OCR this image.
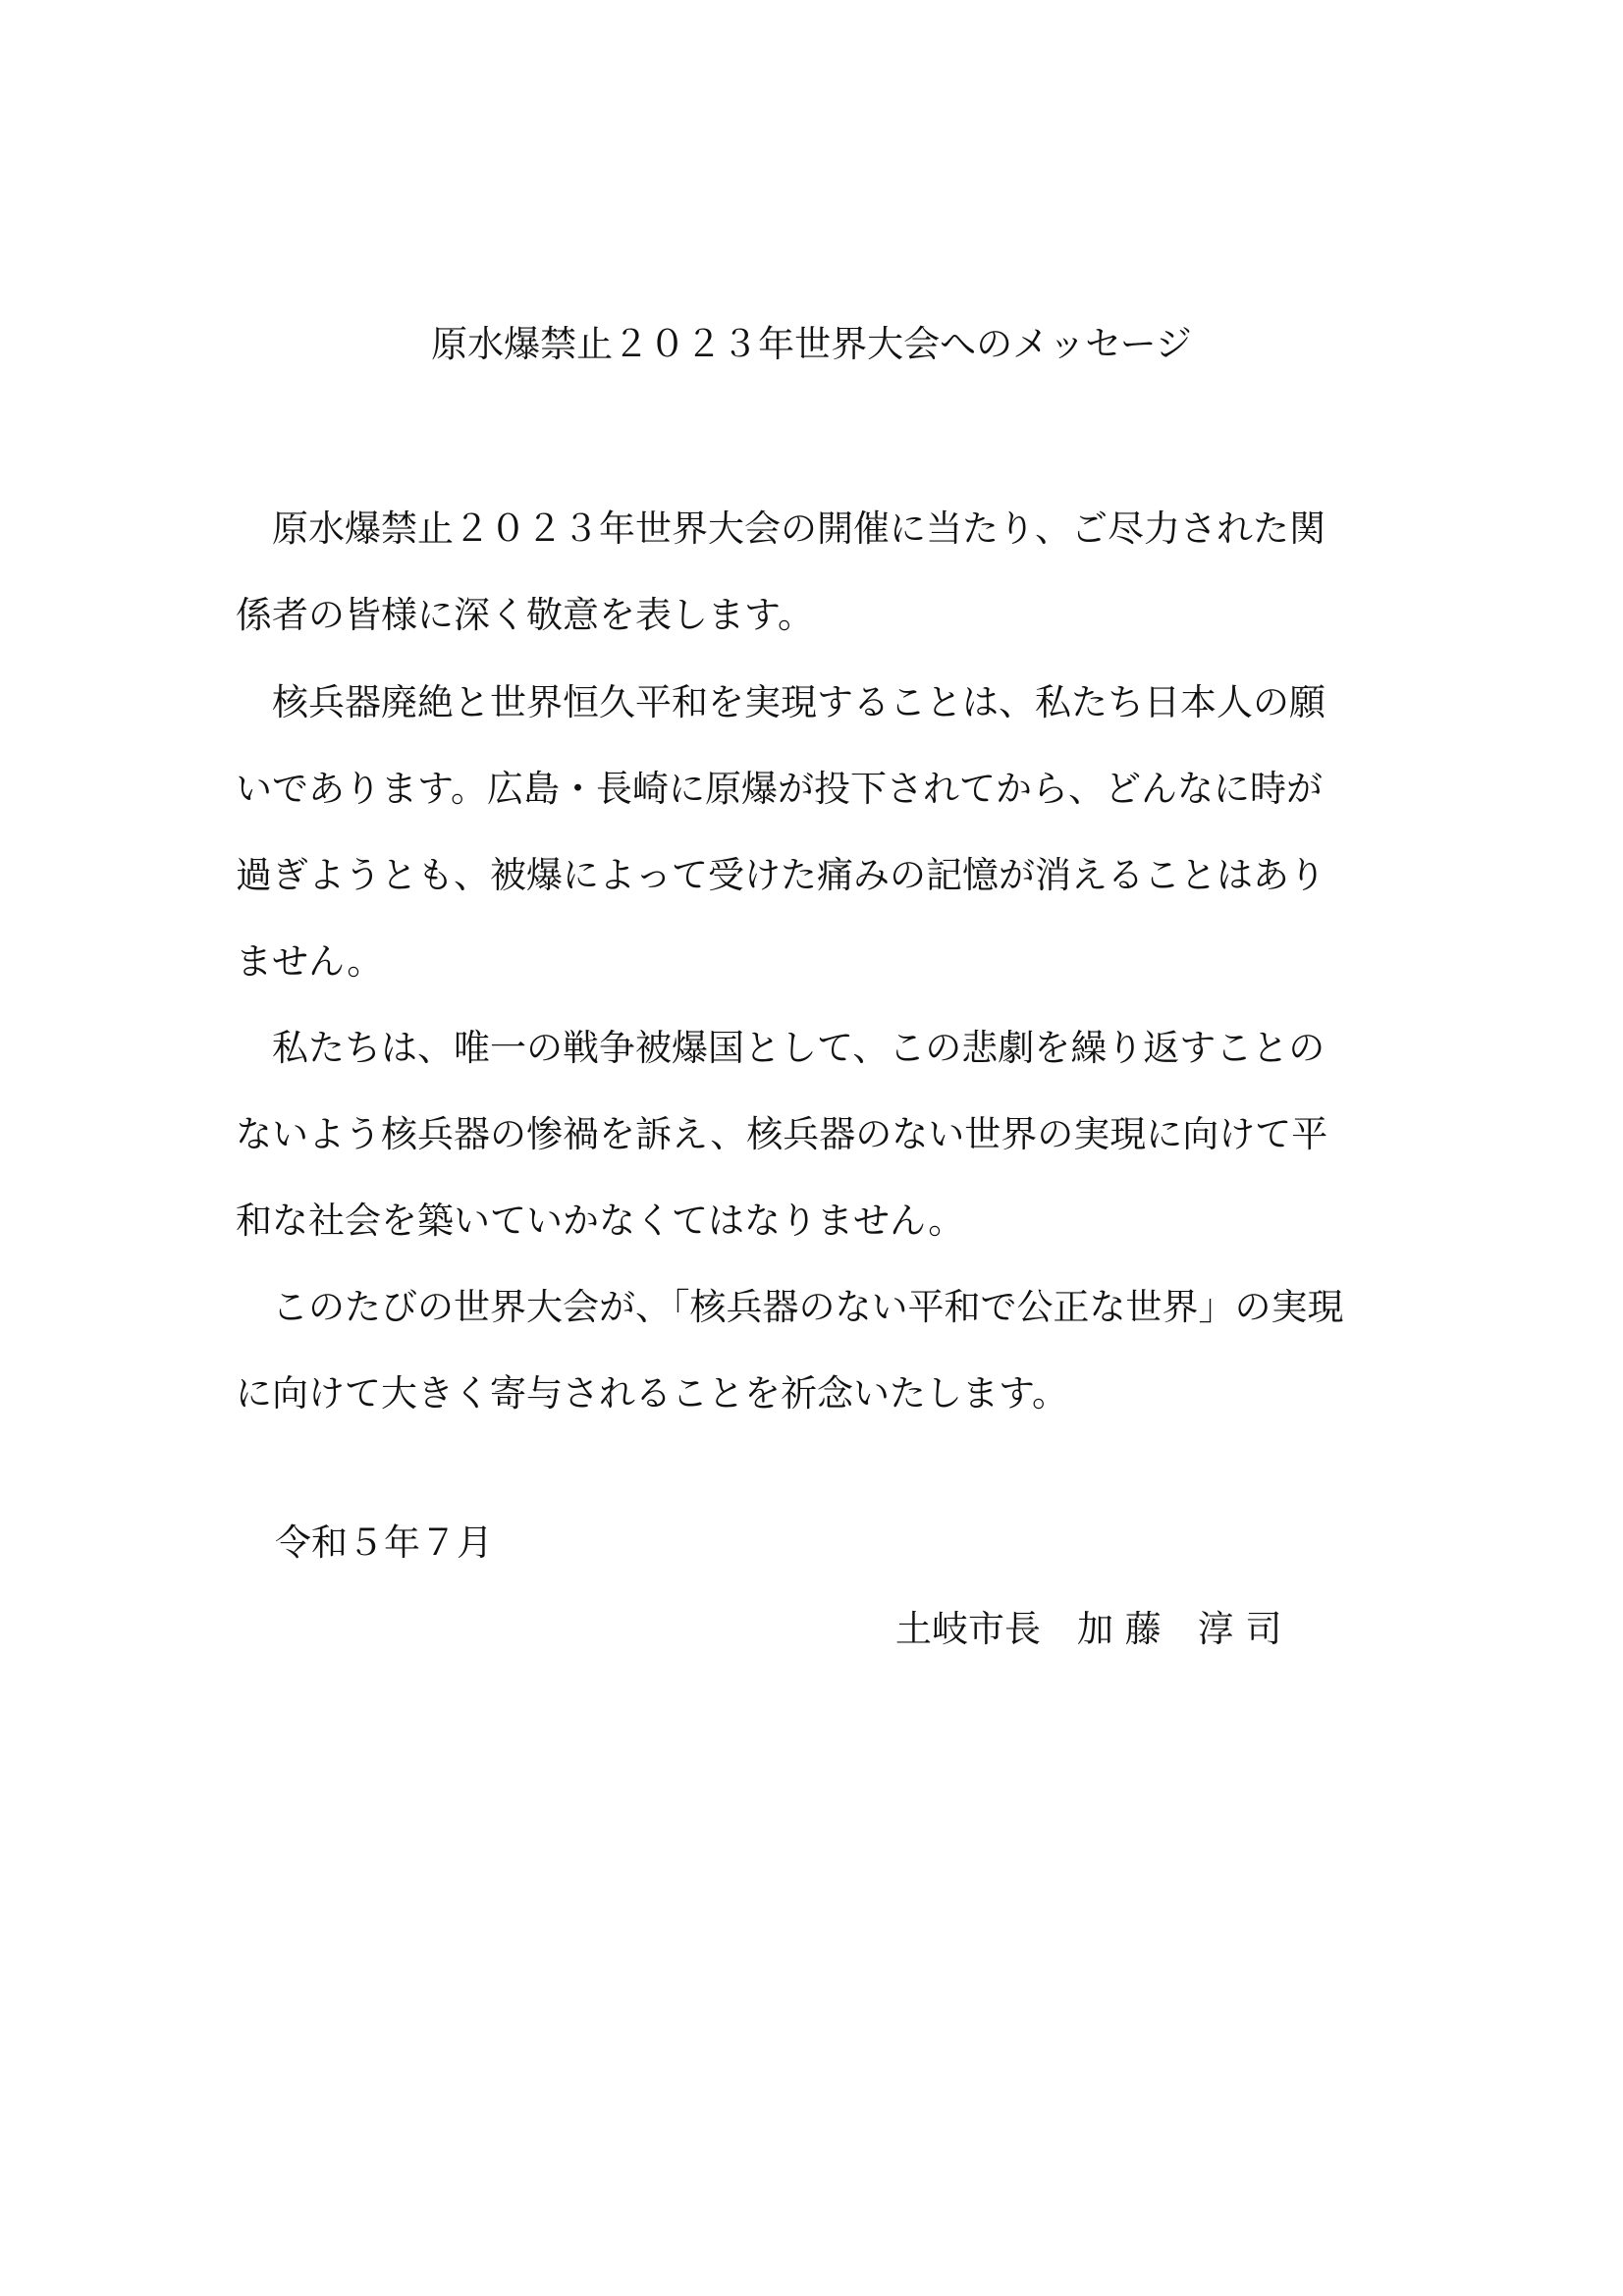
原水爆禁止２０２３年世界大会へのメッセージ
　原水爆禁止２０２３年世界大会の開催に当たり、ご尽力された関
係者の皆様に深く敬意を表します。
　核兵器廃絶と世界恒久平和を実現することは、私たち日本人の願
いであります。広島・長崎に原爆が投下されてから、どんなに時が
過ぎようとも、被爆によって受けた痛みの記憶が消えることはあり
ません。
　私たちは、唯一の戦争被爆国として、この悲劇を繰り返すことの
ないよう核兵器の惨禍を訴え、核兵器のない世界の実現に向けて平
和な社会を築いていかなくてはなりません。
　このたびの世界大会が、「核兵器のない平和で公正な世界」の実現
に向けて大きく寄与されることを祈念いたします。
令和５年７月
土岐市長　加 藤　淳 司
